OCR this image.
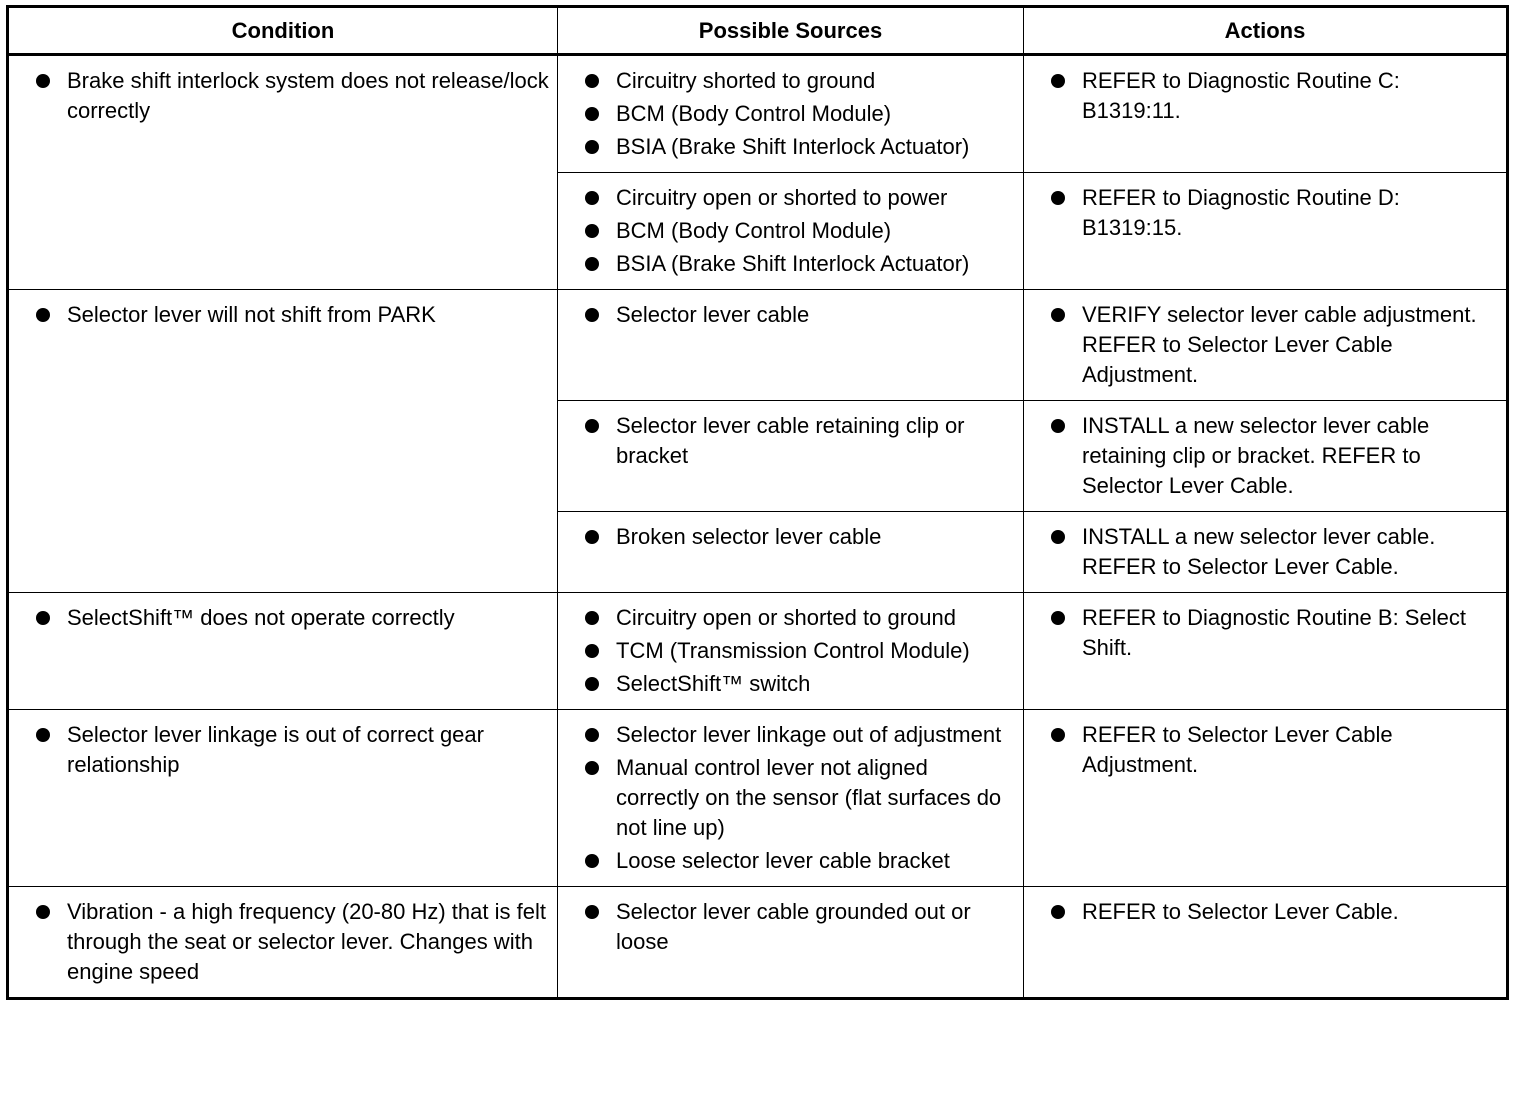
Condition	Possible Sources	Actions

Brake shift interlock system does not release/lock correctly	Circuitry shorted to ground
BCM (Body Control Module)
BSIA (Brake Shift Interlock Actuator)	REFER to Diagnostic Routine C: B1319:11.

Circuitry open or shorted to power
BCM (Body Control Module)
BSIA (Brake Shift Interlock Actuator)	REFER to Diagnostic Routine D: B1319:15.

Selector lever will not shift from PARK	Selector lever cable	VERIFY selector lever cable adjustment. REFER to Selector Lever Cable Adjustment.

Selector lever cable retaining clip or bracket	INSTALL a new selector lever cable retaining clip or bracket. REFER to Selector Lever Cable.

Broken selector lever cable	INSTALL a new selector lever cable. REFER to Selector Lever Cable.

SelectShift™ does not operate correctly	Circuitry open or shorted to ground
TCM (Transmission Control Module)
SelectShift™ switch	REFER to Diagnostic Routine B: Select Shift.

Selector lever linkage is out of correct gear relationship	Selector lever linkage out of adjustment
Manual control lever not aligned correctly on the sensor (flat surfaces do not line up)
Loose selector lever cable bracket	REFER to Selector Lever Cable Adjustment.

Vibration - a high frequency (20-80 Hz) that is felt through the seat or selector lever. Changes with engine speed	Selector lever cable grounded out or loose	REFER to Selector Lever Cable.
